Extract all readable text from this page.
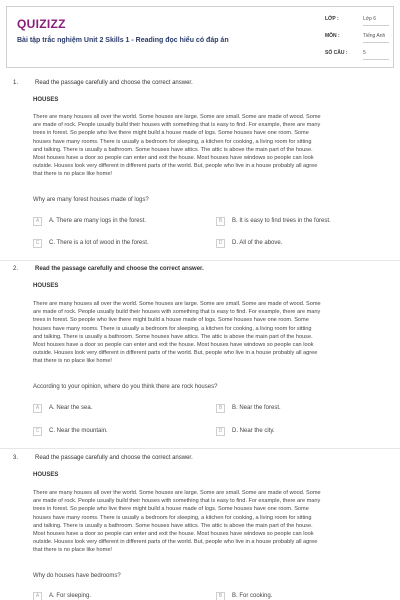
QUIZIZZ
Bài tập trắc nghiệm Unit 2 Skills 1 - Reading đọc hiểu có đáp án
LỚP :	Lớp 6
MÔN :	Tiếng Anh
SỐ CÂU :	5
1.	Read the passage carefully and choose the correct answer.
HOUSES
There are many houses all over the world. Some houses are large. Some are small. Some are made of wood. Some
are made of rock. People usually build their houses with something that is easy to find. For example, there are many
trees in forest. So people who live there might build a house made of logs. Some houses have one room. Some
houses have many rooms. There is usually a bedroom for sleeping, a kitchen for cooking, a living room for sitting
and talking. There is usually a bathroom. Some houses have attics. The attic is above the main part of the house.
Most houses have a door so people can enter and exit the house. Most houses have windows so people can look
outside. Houses look very different in different parts of the world. But, people who live in a house probably all agree
that there is no place like home!
Why are many forest houses made of logs?
A	A. There are many logs in the forest.	B	B. It is easy to find trees in the forest.
C	C. There is a lot of wood in the forest.	D	D. All of the above.
2.	Read the passage carefully and choose the correct answer.
HOUSES
There are many houses all over the world. Some houses are large. Some are small. Some are made of wood. Some
are made of rock. People usually build their houses with something that is easy to find. For example, there are many
trees in forest. So people who live there might build a house made of logs. Some houses have one room. Some
houses have many rooms. There is usually a bedroom for sleeping, a kitchen for cooking, a living room for sitting
and talking. There is usually a bathroom. Some houses have attics. The attic is above the main part of the house.
Most houses have a door so people can enter and exit the house. Most houses have windows so people can look
outside. Houses look very different in different parts of the world. But, people who live in a house probably all agree
that there is no place like home!
According to your opinion, where do you think there are rock houses?
A	A. Near the sea.	B	B. Near the forest.
C	C. Near the mountain.	D	D. Near the city.
3.	Read the passage carefully and choose the correct answer.
HOUSES
There are many houses all over the world. Some houses are large. Some are small. Some are made of wood. Some
are made of rock. People usually build their houses with something that is easy to find. For example, there are many
trees in forest. So people who live there might build a house made of logs. Some houses have one room. Some
houses have many rooms. There is usually a bedroom for sleeping, a kitchen for cooking, a living room for sitting
and talking. There is usually a bathroom. Some houses have attics. The attic is above the main part of the house.
Most houses have a door so people can enter and exit the house. Most houses have windows so people can look
outside. Houses look very different in different parts of the world. But, people who live in a house probably all agree
that there is no place like home!
Why do houses have bedrooms?
A	A. For sleeping.	B	B. For cooking.
